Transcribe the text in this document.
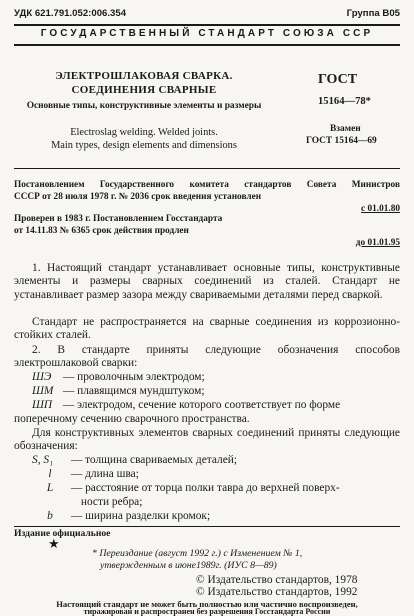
УДК 621.791.052:006.354	Группа В05
ГОСУДАРСТВЕННЫЙ СТАНДАРТ СОЮЗА ССР
ЭЛЕКТРОШЛАКОВАЯ СВАРКА.
СОЕДИНЕНИЯ СВАРНЫЕ
Основные типы, конструктивные элементы и размеры
Electroslag welding. Welded joints.
Main types, design elements and dimensions
ГОСТ
15164—78*
Взамен
ГОСТ 15164—69
Постановлением Государственного комитета стандартов Совета Министров
СССР от 28 июля 1978 г. № 2036 срок введения установлен
с 01.01.80
Проверен в 1983 г. Постановлением Госстандарта
от 14.11.83 № 6365 срок действия продлен
до 01.01.95

1. Настоящий стандарт устанавливает основные типы, конструктивные элементы и размеры сварных соединений из сталей. Стандарт не устанавливает размер зазора между свариваемыми деталями перед сваркой.

Стандарт не распространяется на сварные соединения из коррозионно-стойких сталей.

2. В стандарте приняты следующие обозначения способов электрошлаковой сварки:

ШЭ — проволочным электродом;
ШМ — плавящимся мундштуком;
ШП — электродом, сечение которого соответствует по форме
поперечному сечению сварочного пространства.

Для конструктивных элементов сварных соединений приняты следующие обозначения:

S, S₁ — толщина свариваемых деталей;
l — длина шва;
L — расстояние от торца полки тавра до верхней поверх-
ности ребра;
b — ширина разделки кромок;
Издание официальное
★
* Переиздание (август 1992 г.) с Изменением № 1,
утвержденным в июне1989г. (ИУС 8—89)
© Издательство стандартов, 1978
© Издательство стандартов, 1992
Настоящий стандарт не может быть полностью или частично воспроизведен,
тиражирован и распространен без разрешения Госстандарта России
